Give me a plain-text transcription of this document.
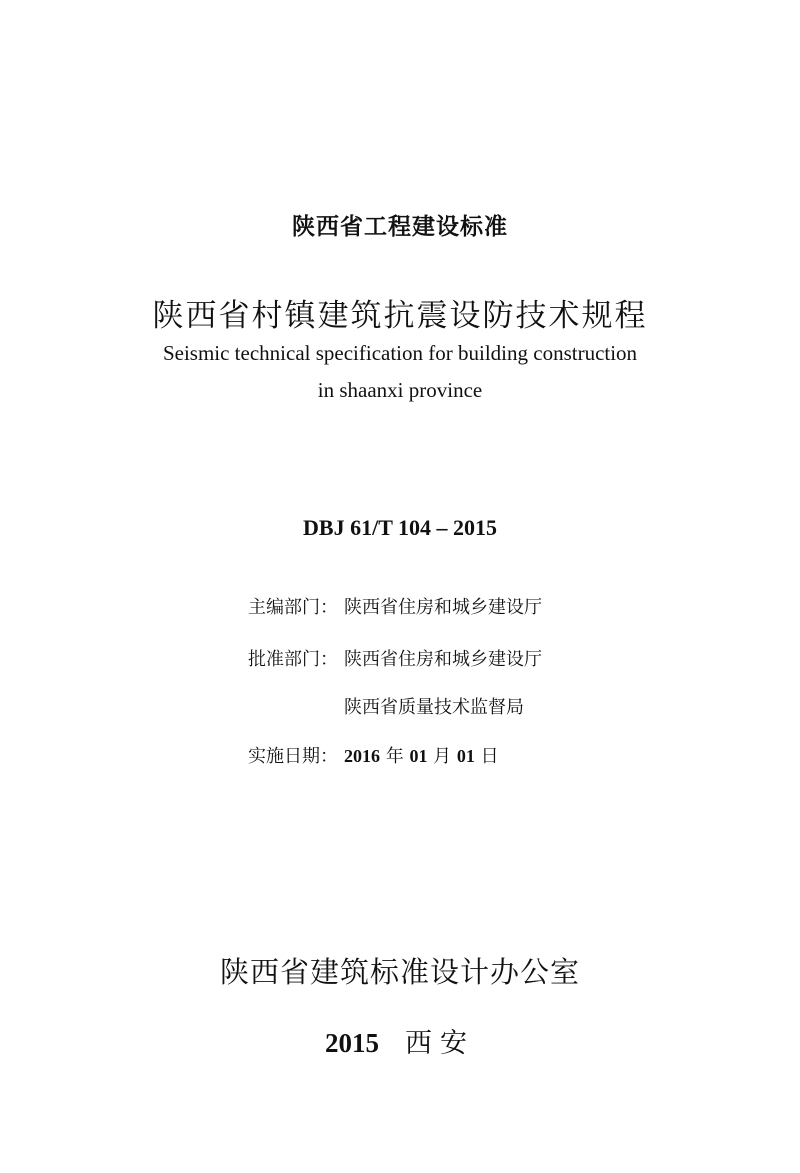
陕西省工程建设标准
陕西省村镇建筑抗震设防技术规程
Seismic technical specification for building construction
in shaanxi province
DBJ 61/T 104 – 2015
主编部门： 陕西省住房和城乡建设厅
批准部门： 陕西省住房和城乡建设厅
陕西省质量技术监督局
实施日期： 2016 年 01 月 01 日
陕西省建筑标准设计办公室
2015 西安
